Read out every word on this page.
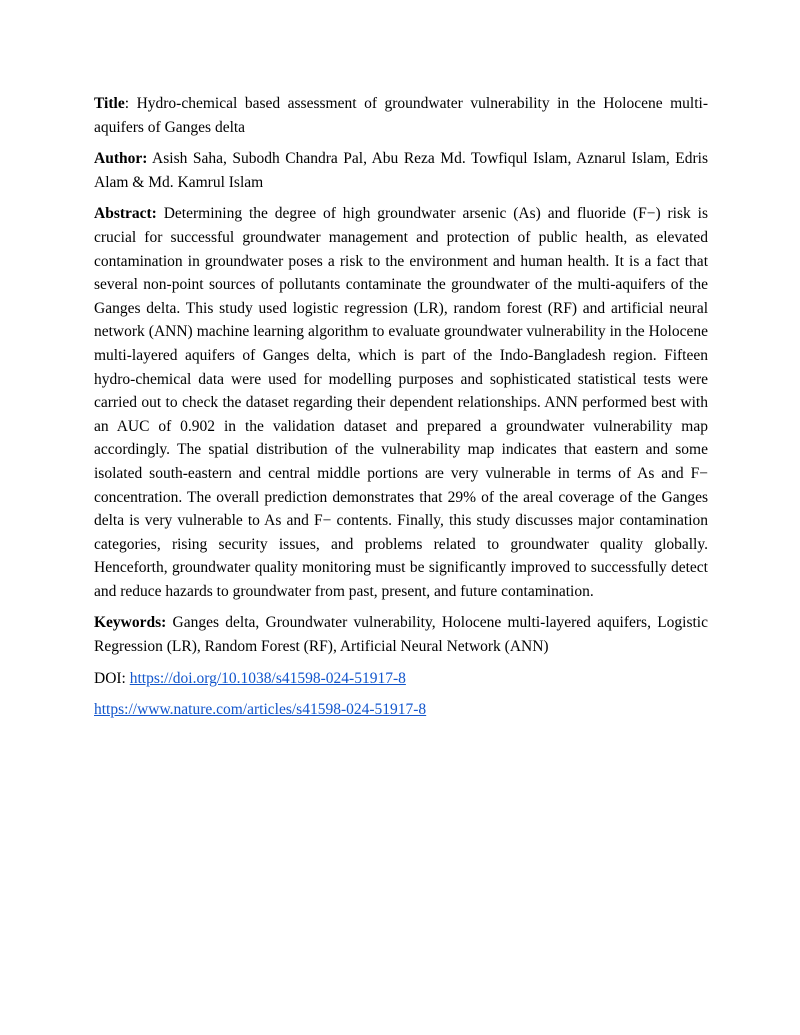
Title: Hydro-chemical based assessment of groundwater vulnerability in the Holocene multi-aquifers of Ganges delta

Author: Asish Saha, Subodh Chandra Pal, Abu Reza Md. Towfiqul Islam, Aznarul Islam, Edris Alam & Md. Kamrul Islam

Abstract: Determining the degree of high groundwater arsenic (As) and fluoride (F−) risk is crucial for successful groundwater management and protection of public health, as elevated contamination in groundwater poses a risk to the environment and human health. It is a fact that several non-point sources of pollutants contaminate the groundwater of the multi-aquifers of the Ganges delta. This study used logistic regression (LR), random forest (RF) and artificial neural network (ANN) machine learning algorithm to evaluate groundwater vulnerability in the Holocene multi-layered aquifers of Ganges delta, which is part of the Indo-Bangladesh region. Fifteen hydro-chemical data were used for modelling purposes and sophisticated statistical tests were carried out to check the dataset regarding their dependent relationships. ANN performed best with an AUC of 0.902 in the validation dataset and prepared a groundwater vulnerability map accordingly. The spatial distribution of the vulnerability map indicates that eastern and some isolated south-eastern and central middle portions are very vulnerable in terms of As and F− concentration. The overall prediction demonstrates that 29% of the areal coverage of the Ganges delta is very vulnerable to As and F− contents. Finally, this study discusses major contamination categories, rising security issues, and problems related to groundwater quality globally. Henceforth, groundwater quality monitoring must be significantly improved to successfully detect and reduce hazards to groundwater from past, present, and future contamination.

Keywords: Ganges delta, Groundwater vulnerability, Holocene multi-layered aquifers, Logistic Regression (LR), Random Forest (RF), Artificial Neural Network (ANN)

DOI: https://doi.org/10.1038/s41598-024-51917-8

https://www.nature.com/articles/s41598-024-51917-8
